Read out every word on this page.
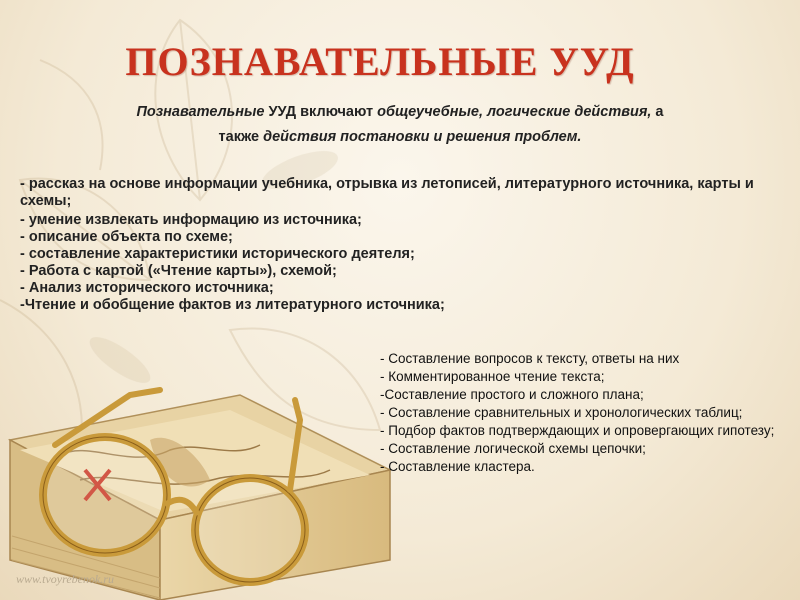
ПОЗНАВАТЕЛЬНЫЕ УУД
Познавательные УУД включают общеучебные, логические действия, а
также действия постановки и решения проблем.
- рассказ на основе информации учебника, отрывка из летописей, литературного источника, карты и схемы;
- умение извлекать информацию из источника;
- описание объекта по схеме;
- составление характеристики исторического деятеля;
- Работа с картой («Чтение карты»), схемой;
- Анализ исторического источника;
-Чтение и обобщение фактов из литературного источника;
- Составление вопросов к тексту, ответы на них
- Комментированное чтение текста;
-Составление простого и сложного плана;
- Составление сравнительных и хронологических таблиц;
- Подбор фактов подтверждающих и опровергающих гипотезу;
- Составление логической схемы цепочки;
- Составление кластера.
www.tvoyrebenok.ru
